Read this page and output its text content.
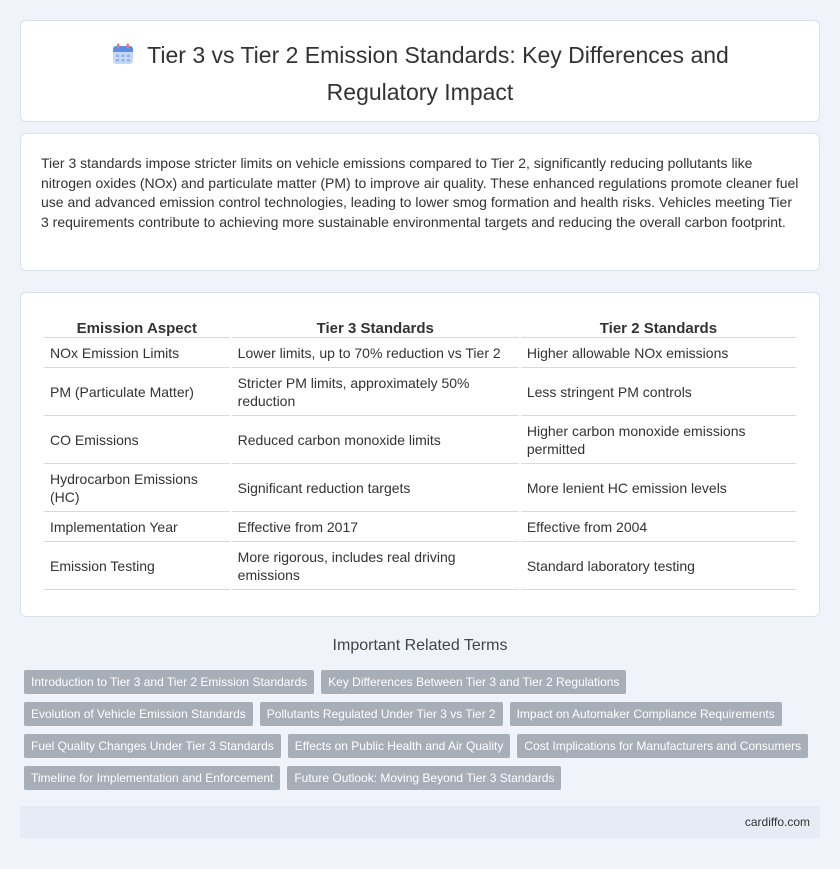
Tier 3 vs Tier 2 Emission Standards: Key Differences and Regulatory Impact

Tier 3 standards impose stricter limits on vehicle emissions compared to Tier 2, significantly reducing pollutants like nitrogen oxides (NOx) and particulate matter (PM) to improve air quality. These enhanced regulations promote cleaner fuel use and advanced emission control technologies, leading to lower smog formation and health risks. Vehicles meeting Tier 3 requirements contribute to achieving more sustainable environmental targets and reducing the overall carbon footprint.

Emission Aspect	Tier 3 Standards	Tier 2 Standards
NOx Emission Limits	Lower limits, up to 70% reduction vs Tier 2	Higher allowable NOx emissions
PM (Particulate Matter)	Stricter PM limits, approximately 50% reduction	Less stringent PM controls
CO Emissions	Reduced carbon monoxide limits	Higher carbon monoxide emissions permitted
Hydrocarbon Emissions (HC)	Significant reduction targets	More lenient HC emission levels
Implementation Year	Effective from 2017	Effective from 2004
Emission Testing	More rigorous, includes real driving emissions	Standard laboratory testing
Important Related Terms
Introduction to Tier 3 and Tier 2 Emission Standards	Key Differences Between Tier 3 and Tier 2 Regulations
Evolution of Vehicle Emission Standards	Pollutants Regulated Under Tier 3 vs Tier 2	Impact on Automaker Compliance Requirements
Fuel Quality Changes Under Tier 3 Standards	Effects on Public Health and Air Quality	Cost Implications for Manufacturers and Consumers
Timeline for Implementation and Enforcement	Future Outlook: Moving Beyond Tier 3 Standards
cardiffo.com
